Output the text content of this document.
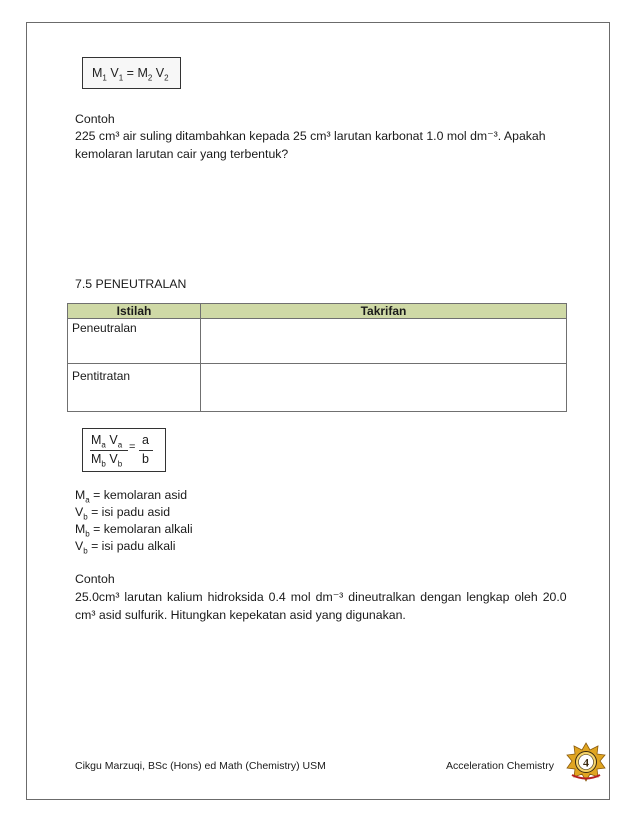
$M_1$ $V_1 = M_2$ $V_2$
Contoh
225 cm³ air suling ditambahkan kepada 25 cm³ larutan karbonat 1.0 mol dm⁻³. Apakah
kemolaran larutan cair yang terbentuk?
7.5 PENEUTRALAN
Istilah	Takrifan
Peneutralan	
Pentitratan	
$M_a$ $V_a$
$M_b$ $V_b$
= a
b
$M_a$ = kemolaran asid
$V_b$ = isi padu asid
$M_b$ = kemolaran alkali
$V_b$ = isi padu alkali
Contoh
25.0cm³ larutan kalium hidroksida 0.4 mol dm⁻³ dineutralkan dengan lengkap oleh 20.0
cm³ asid sulfurik. Hitungkan kepekatan asid yang digunakan.
Cikgu Marzuqi, BSc (Hons) ed Math (Chemistry) USM	Acceleration Chemistry 4
